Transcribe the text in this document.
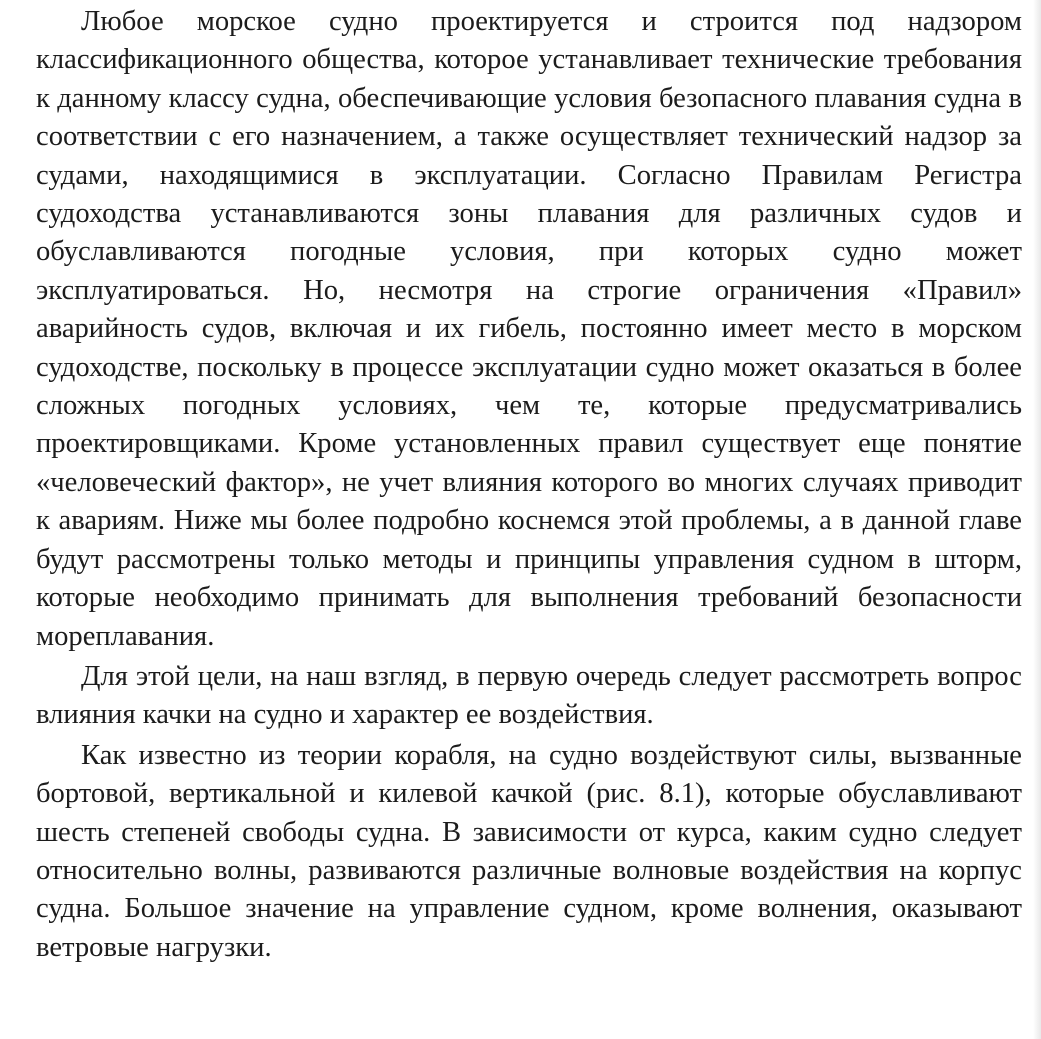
Любое морское судно проектируется и строится под надзором классификационного общества, которое устанавливает технические требования к данному классу судна, обеспечивающие условия безопасного плавания судна в соответствии с его назначением, а также осуществляет технический надзор за судами, находящимися в эксплуатации. Согласно Правилам Регистра судоходства устанавливаются зоны плавания для различных судов и обуславливаются погодные условия, при которых судно может эксплуатироваться. Но, несмотря на строгие ограничения «Правил» аварийность судов, включая и их гибель, постоянно имеет место в морском судоходстве, поскольку в процессе эксплуатации судно может оказаться в более сложных погодных условиях, чем те, которые предусматривались проектировщиками. Кроме установленных правил существует еще понятие «человеческий фактор», не учет влияния которого во многих случаях приводит к авариям. Ниже мы более подробно коснемся этой проблемы, а в данной главе будут рассмотрены только методы и принципы управления судном в шторм, которые необходимо принимать для выполнения требований безопасности мореплавания.

Для этой цели, на наш взгляд, в первую очередь следует рассмотреть вопрос влияния качки на судно и характер ее воздействия.

Как известно из теории корабля, на судно воздействуют силы, вызванные бортовой, вертикальной и килевой качкой (рис. 8.1), которые обуславливают шесть степеней свободы судна. В зависимости от курса, каким судно следует относительно волны, развиваются различные волновые воздействия на корпус судна. Большое значение на управление судном, кроме волнения, оказывают ветровые нагрузки.
